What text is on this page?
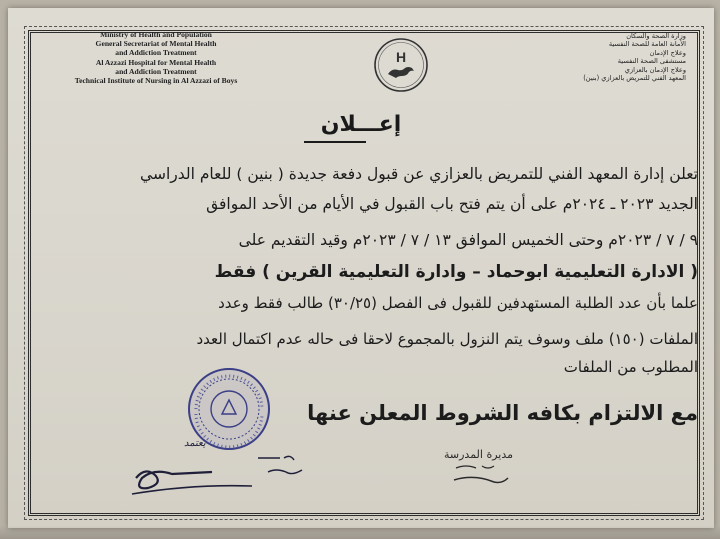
Ministry of Health and Population
General Secretariat of Mental Health
and Addiction Treatment
Al Azzazi Hospital for Mental Health
and Addiction Treatment
Technical Institute of Nursing in Al Azzazi of Boys
H
وزارة الصحة والسكان
الأمانة العامة للصحة النفسية
وعلاج الإدمان
مستشفى الصحة النفسية
وعلاج الإدمان بالعزازي
المعهد الفني للتمريض بالعزازي (بنين)
إعـــلان
تعلن إدارة المعهد الفني للتمريض بالعزازي عن قبول دفعة جديدة ( بنين ) للعام الدراسي
الجديد ٢٠٢٣ ـ ٢٠٢٤م على أن يتم فتح باب القبول في الأيام من الأحد الموافق
٩ / ٧ / ٢٠٢٣م وحتى الخميس الموافق ١٣ / ٧ / ٢٠٢٣م وقيد التقديم على
( الادارة التعليمية ابوحماد – وادارة التعليمية القرين ) فقط
علما بأن عدد الطلبة المستهدفين للقبول فى الفصل (٣٠/٢٥) طالب فقط وعدد
الملفات (١٥٠) ملف وسوف يتم النزول بالمجموع لاحقا فى حاله عدم اكتمال العدد
المطلوب من الملفات
مع الالتزام بكافه الشروط المعلن عنها
يعتمد
مديرة المدرسة
